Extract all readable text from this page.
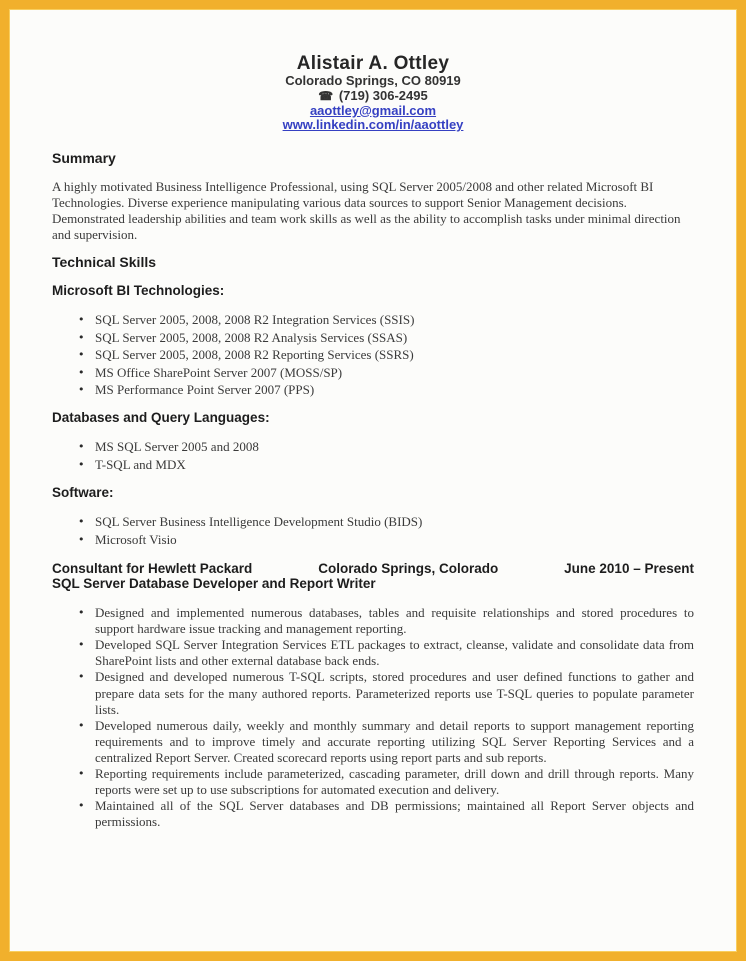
Alistair A. Ottley
Colorado Springs, CO 80919
☎ (719) 306-2495
aaottley@gmail.com
www.linkedin.com/in/aaottley
Summary

A highly motivated Business Intelligence Professional, using SQL Server 2005/2008 and other related Microsoft BI Technologies. Diverse experience manipulating various data sources to support Senior Management decisions. Demonstrated leadership abilities and team work skills as well as the ability to accomplish tasks under minimal direction and supervision.

Technical Skills
Microsoft BI Technologies:
• SQL Server 2005, 2008, 2008 R2 Integration Services (SSIS)
• SQL Server 2005, 2008, 2008 R2 Analysis Services (SSAS)
• SQL Server 2005, 2008, 2008 R2 Reporting Services (SSRS)
• MS Office SharePoint Server 2007 (MOSS/SP)
• MS Performance Point Server 2007 (PPS)
Databases and Query Languages:
• MS SQL Server 2005 and 2008
• T-SQL and MDX
Software:
• SQL Server Business Intelligence Development Studio (BIDS)
• Microsoft Visio
Consultant for Hewlett Packard	Colorado Springs, Colorado	June 2010 – Present
SQL Server Database Developer and Report Writer
• Designed and implemented numerous databases, tables and requisite relationships and stored procedures to support hardware issue tracking and management reporting.
• Developed SQL Server Integration Services ETL packages to extract, cleanse, validate and consolidate data from SharePoint lists and other external database back ends.
• Designed and developed numerous T-SQL scripts, stored procedures and user defined functions to gather and prepare data sets for the many authored reports. Parameterized reports use T-SQL queries to populate parameter lists.
• Developed numerous daily, weekly and monthly summary and detail reports to support management reporting requirements and to improve timely and accurate reporting utilizing SQL Server Reporting Services and a centralized Report Server. Created scorecard reports using report parts and sub reports.
• Reporting requirements include parameterized, cascading parameter, drill down and drill through reports. Many reports were set up to use subscriptions for automated execution and delivery.
• Maintained all of the SQL Server databases and DB permissions; maintained all Report Server objects and permissions.
